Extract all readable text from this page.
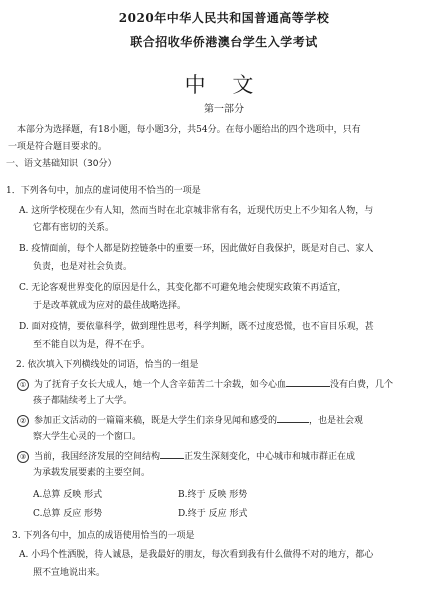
2020年中华人民共和国普通高等学校
联合招收华侨港澳台学生入学考试
中 文
第一部分
本部分为选择题，有18小题，每小题3分，共54分。在每小题给出的四个选项中，只有
一项是符合题目要求的。
一、语文基础知识（30分）
1．下列各句中，加点的虚词使用不恰当的一项是
A. 这所学校现在少有人知，然而当时在北京城非常有名，近现代历史上不少知名人物，与
它都有密切的关系。
B. 疫情面前，每个人都是防控链条中的重要一环，因此做好自我保护，既是对自己、家人
负责，也是对社会负责。
C. 无论客观世界变化的原因是什么，其变化都不可避免地会使现实政策不再适宜，
于是改革就成为应对的最佳战略选择。
D. 面对疫情，要依靠科学，做到理性思考，科学判断，既不过度恐慌，也不盲目乐观，甚
至不能自以为是，得不在乎。
2. 依次填入下列横线处的词语，恰当的一组是
① 为了抚育子女长大成人，她一个人含辛茹苦二十余载，如今心血	没有白费，几个
孩子都陆续考上了大学。
② 参加正文活动的一篇篇来稿，既是大学生们亲身见闻和感受的	，也是社会观
察大学生心灵的一个窗口。
③ 当前，我国经济发展的空间结构	正发生深刻变化，中心城市和城市群正在成
为承载发展要素的主要空间。
A.总算 反映 形式	B.终于 反映 形势
C.总算 反应 形势	D.终于 反应 形式
3. 下列各句中，加点的成语使用恰当的一项是
A. 小玛个性洒脱，待人诚恳，是我最好的朋友，每次看到我有什么做得不对的地方，都心
照不宣地说出来。
